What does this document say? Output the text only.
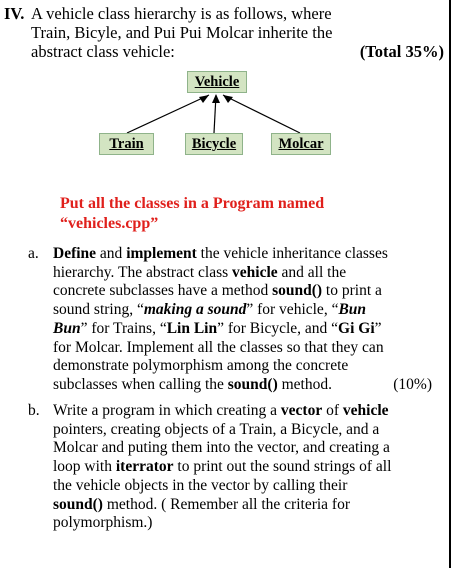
IV. A vehicle class hierarchy is as follows, where
Train, Bicyle, and Pui Pui Molcar inherite the
abstract class vehicle:	(Total 35%)
Vehicle
Train	Bicycle	Molcar
Put all the classes in a Program named
“vehicles.cpp”
a. Define and implement the vehicle inheritance classes
hierarchy. The abstract class vehicle and all the
concrete subclasses have a method sound() to print a
sound string, “making a sound” for vehicle, “Bun
Bun” for Trains, “Lin Lin” for Bicycle, and “Gi Gi”
for Molcar. Implement all the classes so that they can
demonstrate polymorphism among the concrete
subclasses when calling the sound() method.	(10%)
b. Write a program in which creating a vector of vehicle
pointers, creating objects of a Train, a Bicycle, and a
Molcar and puting them into the vector, and creating a
loop with iterrator to print out the sound strings of all
the vehicle objects in the vector by calling their
sound() method. ( Remember all the criteria for
polymorphism.)
